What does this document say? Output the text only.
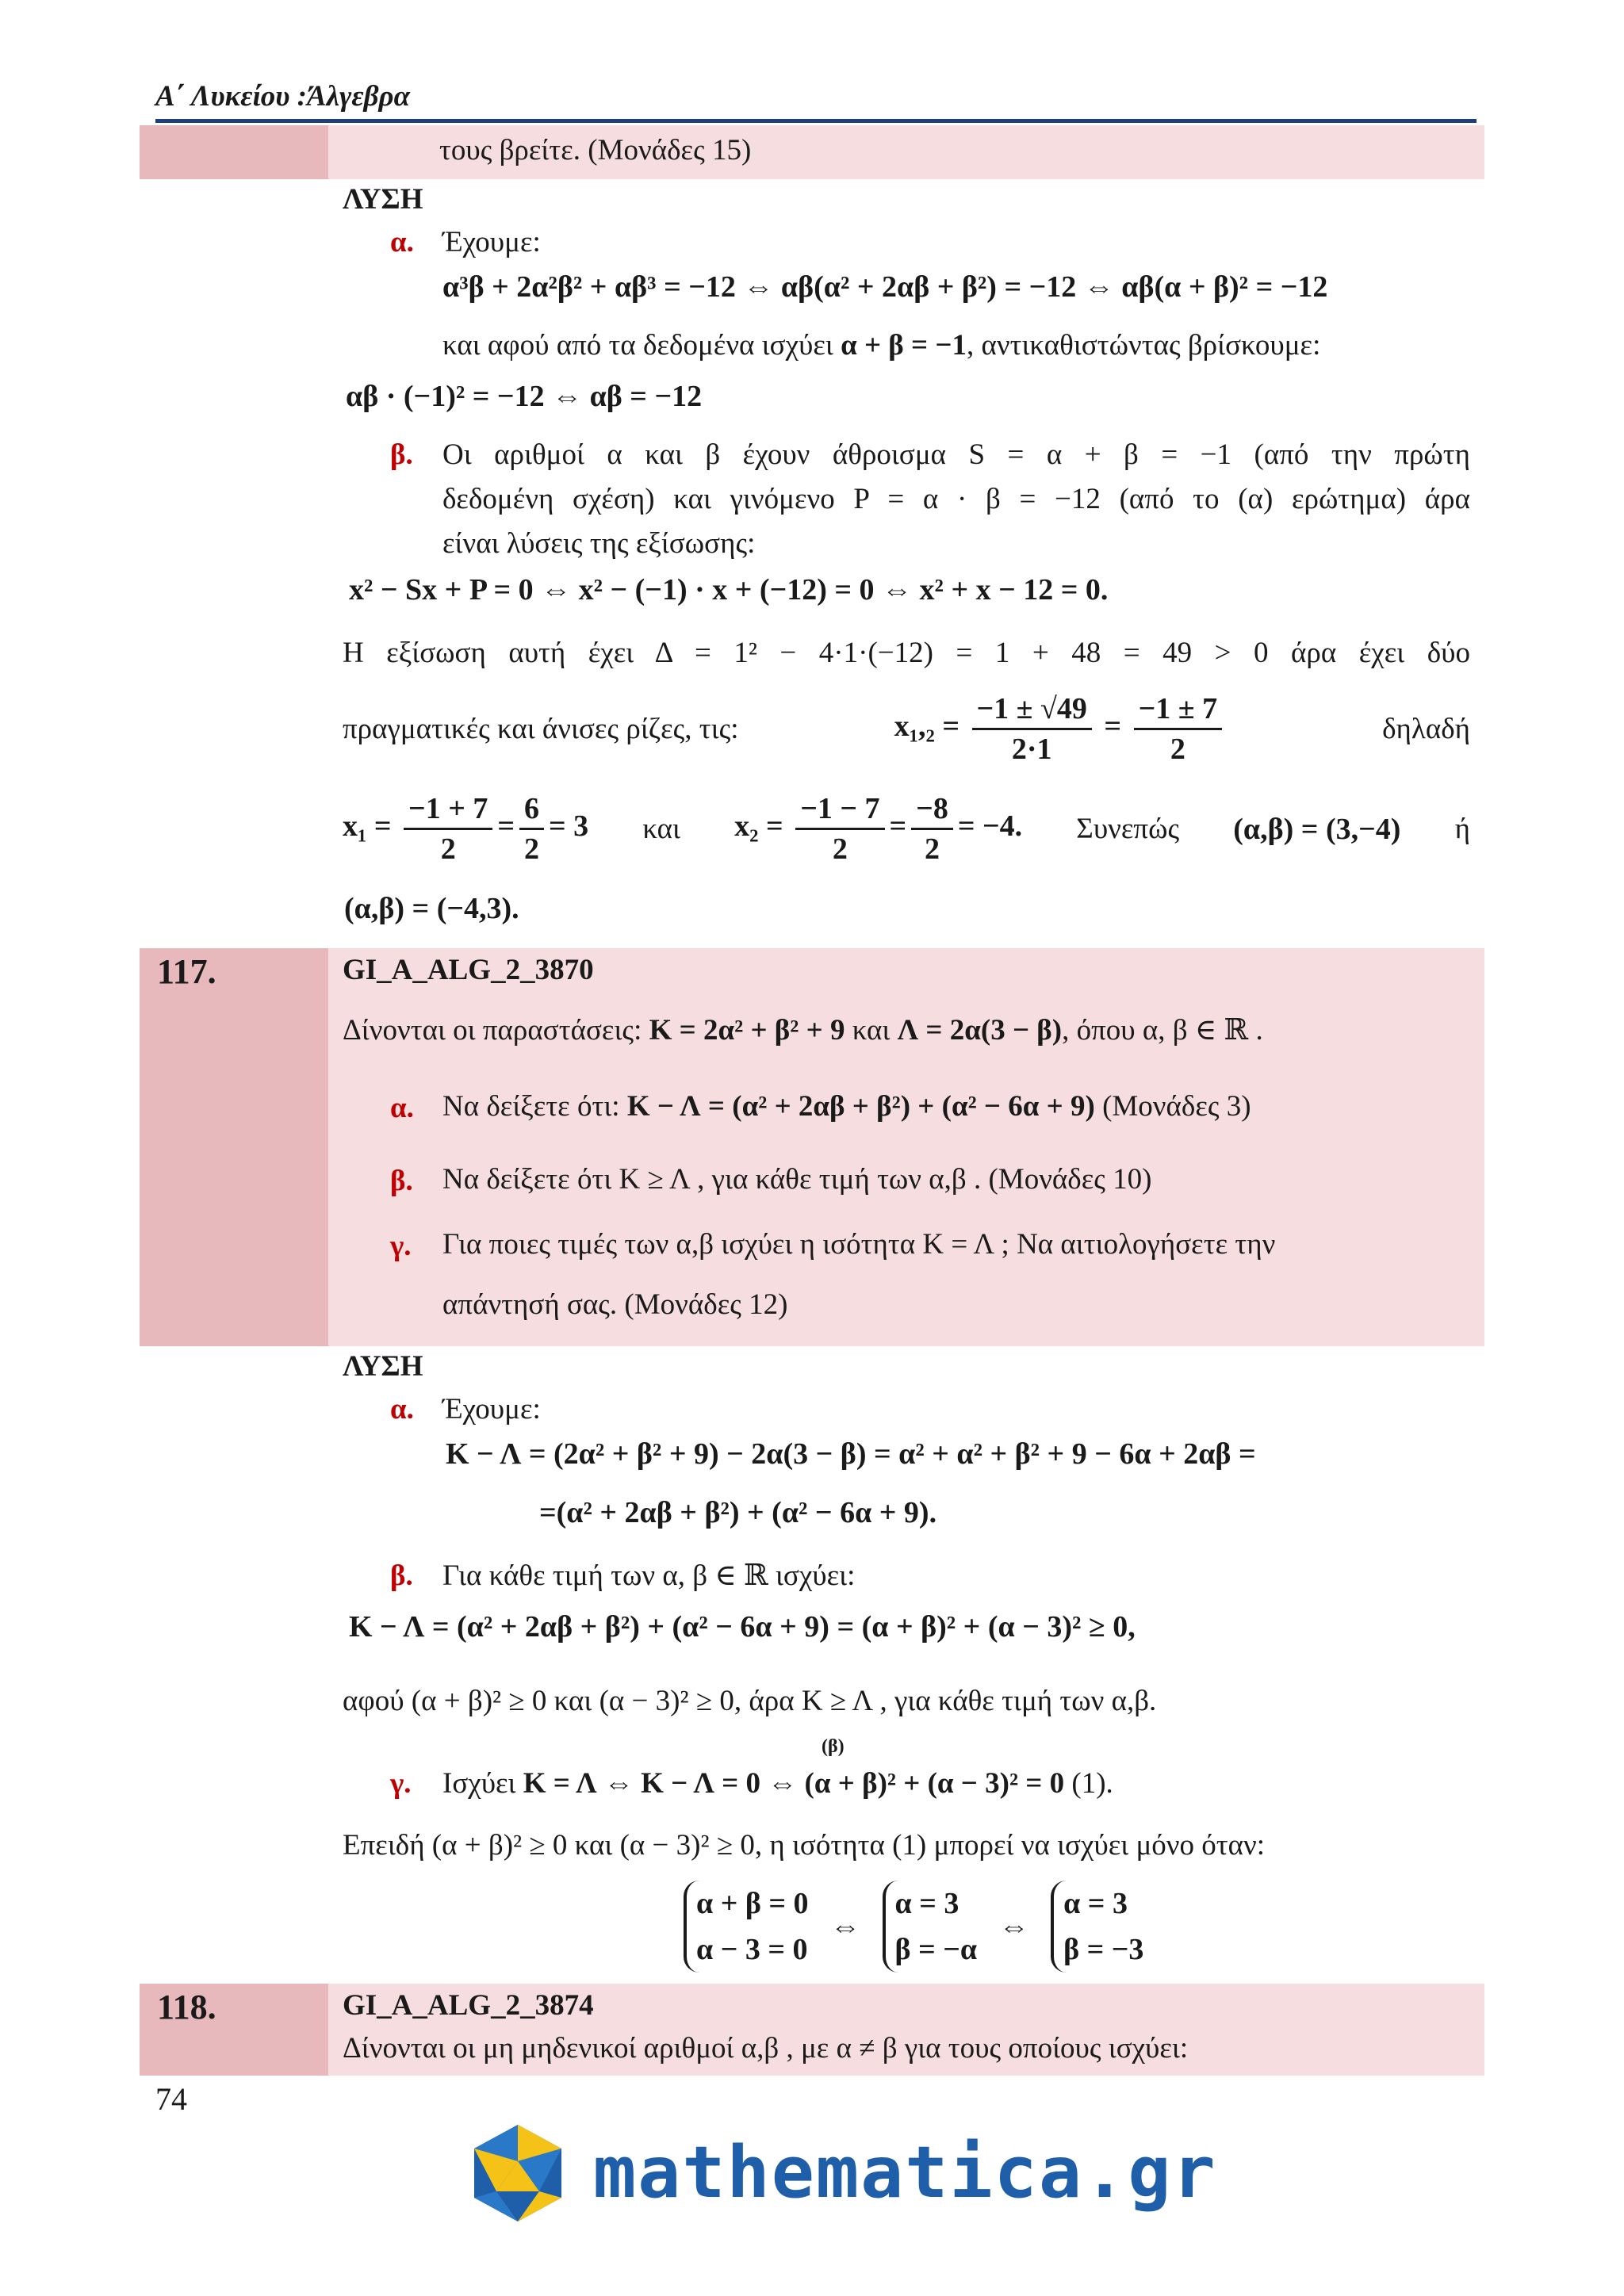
Α΄ Λυκείου :Άλγεβρα
τους βρείτε. (Μονάδες 15)
ΛΥΣΗ
α. Έχουμε:
α³β + 2α²β² + αβ³ = −12 ⇔ αβ(α² + 2αβ + β²) = −12 ⇔ αβ(α + β)² = −12
και αφού από τα δεδομένα ισχύει α + β = −1, αντικαθιστώντας βρίσκουμε:
αβ · (−1)² = −12 ⇔ αβ = −12
β. Οι αριθμοί α και β έχουν άθροισμα S = α + β = −1 (από την πρώτη
δεδομένη σχέση) και γινόμενο P = α · β = −12 (από το (α) ερώτημα) άρα
είναι λύσεις της εξίσωσης:
x² − Sx + P = 0 ⇔ x² − (−1) · x + (−12) = 0 ⇔ x² + x − 12 = 0.
Η εξίσωση αυτή έχει Δ = 1² − 4·1·(−12) = 1 + 48 = 49 > 0 άρα έχει δύο
πραγματικές και άνισες ρίζες, τις:	$x_1,_2 = \frac{-1 \pm √49}{2\cdot 1} = \frac{-1 \pm 7}{2}$	δηλαδή
$x_1 = \frac{-1 + 7}{2} = \frac{6}{2} = 3$ και $x_2 = \frac{-1 - 7}{2} = \frac{-8}{2} = -4$. Συνεπώς (α,β) = (3,−4) ή
(α,β) = (−4,3).
117.	GI_A_ALG_2_3870
Δίνονται οι παραστάσεις: Κ = 2α² + β² + 9 και Λ = 2α(3 − β), όπου α, β ∈ ℝ .
α. Να δείξετε ότι: Κ − Λ = (α² + 2αβ + β²) + (α² − 6α + 9) (Μονάδες 3)
β. Να δείξετε ότι Κ ≥ Λ , για κάθε τιμή των α,β . (Μονάδες 10)
γ. Για ποιες τιμές των α,β ισχύει η ισότητα Κ = Λ ; Να αιτιολογήσετε την
απάντησή σας. (Μονάδες 12)
ΛΥΣΗ
α. Έχουμε:
Κ − Λ = (2α² + β² + 9) − 2α(3 − β) = α² + α² + β² + 9 − 6α + 2αβ =
=(α² + 2αβ + β²) + (α² − 6α + 9).
β. Για κάθε τιμή των α, β ∈ ℝ ισχύει:
Κ − Λ = (α² + 2αβ + β²) + (α² − 6α + 9) = (α + β)² + (α − 3)² ≥ 0,
αφού (α + β)² ≥ 0 και (α − 3)² ≥ 0, άρα Κ ≥ Λ , για κάθε τιμή των α,β.
γ. Ισχύει Κ = Λ ⇔ Κ − Λ = 0 ⇔ (α + β)² + (α − 3)² = 0 (1).
(β)
Επειδή (α + β)² ≥ 0 και (α − 3)² ≥ 0, η ισότητα (1) μπορεί να ισχύει μόνο όταν:
α + β = 0
α − 3 = 0 ⇔ α = 3
β = −α ⇔ α = 3
β = −3
118.	GI_A_ALG_2_3874
Δίνονται οι μη μηδενικοί αριθμοί α,β , με α ≠ β για τους οποίους ισχύει:
74
mathematica.gr
